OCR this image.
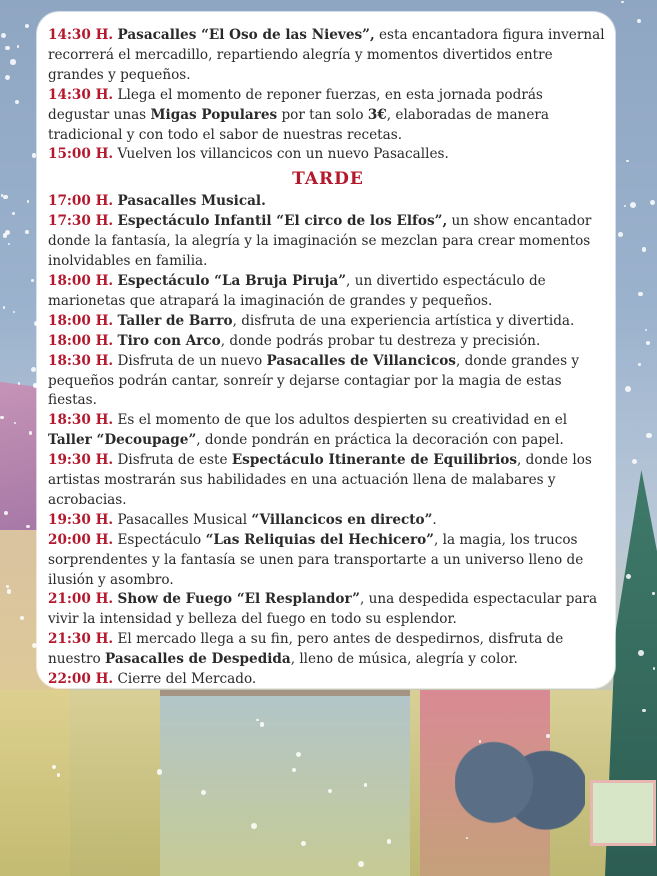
14:30 H. Pasacalles “El Oso de las Nieves”, esta encantadora figura invernal recorrerá el mercadillo, repartiendo alegría y momentos divertidos entre grandes y pequeños.

14:30 H. Llega el momento de reponer fuerzas, en esta jornada podrás degustar unas Migas Populares por tan solo 3€, elaboradas de manera tradicional y con todo el sabor de nuestras recetas.

15:00 H. Vuelven los villancicos con un nuevo Pasacalles.

TARDE

17:00 H. Pasacalles Musical.

17:30 H. Espectáculo Infantil “El circo de los Elfos”, un show encantador donde la fantasía, la alegría y la imaginación se mezclan para crear momentos inolvidables en familia.

18:00 H. Espectáculo “La Bruja Piruja”, un divertido espectáculo de marionetas que atrapará la imaginación de grandes y pequeños.

18:00 H. Taller de Barro, disfruta de una experiencia artística y divertida.

18:00 H. Tiro con Arco, donde podrás probar tu destreza y precisión.

18:30 H. Disfruta de un nuevo Pasacalles de Villancicos, donde grandes y pequeños podrán cantar, sonreír y dejarse contagiar por la magia de estas fiestas.

18:30 H. Es el momento de que los adultos despierten su creatividad en el Taller “Decoupage”, donde pondrán en práctica la decoración con papel.

19:30 H. Disfruta de este Espectáculo Itinerante de Equilibrios, donde los artistas mostrarán sus habilidades en una actuación llena de malabares y acrobacias.

19:30 H. Pasacalles Musical “Villancicos en directo”.

20:00 H. Espectáculo “Las Reliquias del Hechicero”, la magia, los trucos sorprendentes y la fantasía se unen para transportarte a un universo lleno de ilusión y asombro.

21:00 H. Show de Fuego “El Resplandor”, una despedida espectacular para vivir la intensidad y belleza del fuego en todo su esplendor.

21:30 H. El mercado llega a su fin, pero antes de despedirnos, disfruta de nuestro Pasacalles de Despedida, lleno de música, alegría y color.

22:00 H. Cierre del Mercado.
